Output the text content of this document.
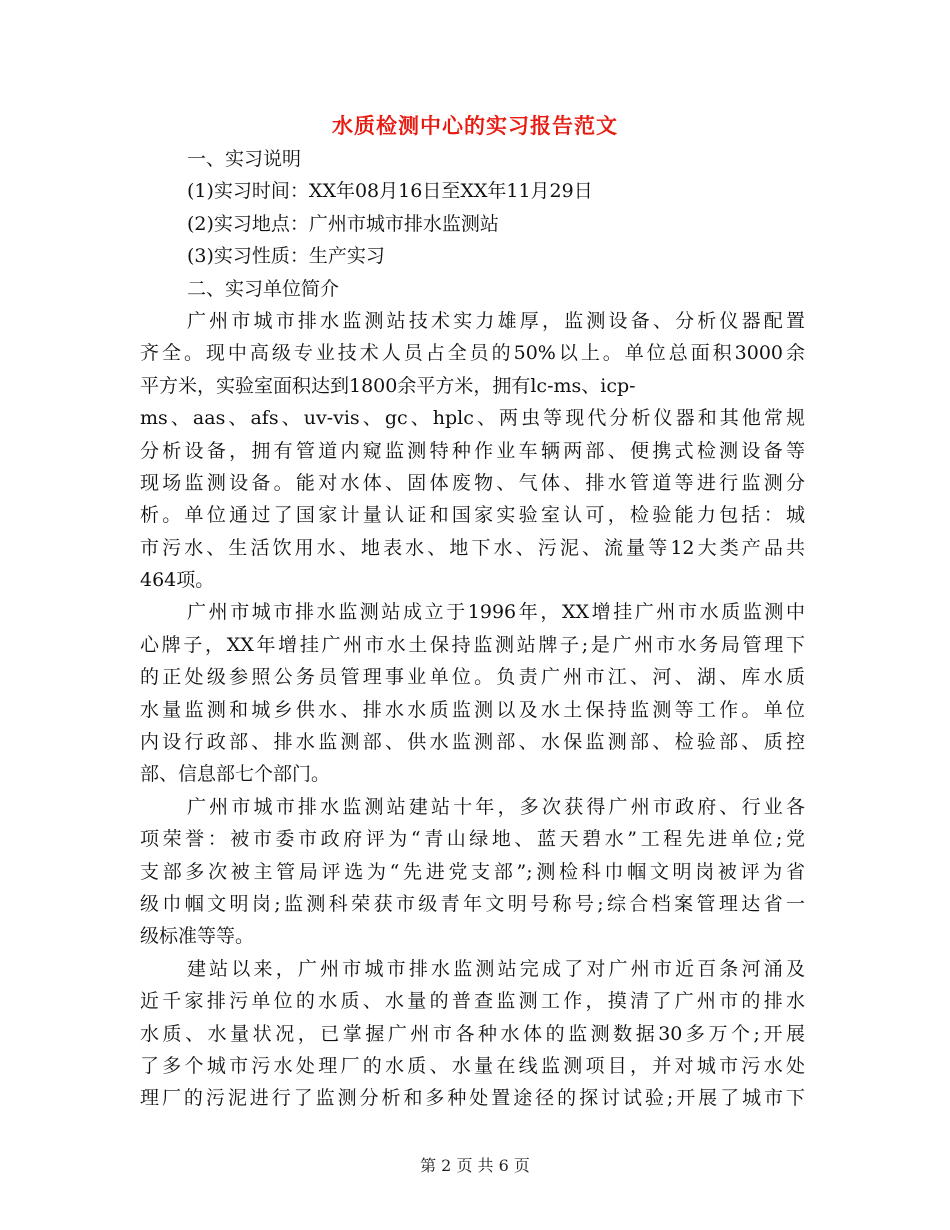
水质检测中心的实习报告范文
一、实习说明
(1)实习时间：XX年08月16日至XX年11月29日
(2)实习地点：广州市城市排水监测站
(3)实习性质：生产实习
二、实习单位简介
广州市城市排水监测站技术实力雄厚，监测设备、分析仪器配置
齐全。现中高级专业技术人员占全员的50%以上。单位总面积3000余
平方米，实验室面积达到1800余平方米，拥有lc-ms、icp-
ms、aas、afs、uv-vis、gc、hplc、两虫等现代分析仪器和其他常规
分析设备，拥有管道内窥监测特种作业车辆两部、便携式检测设备等
现场监测设备。能对水体、固体废物、气体、排水管道等进行监测分
析。单位通过了国家计量认证和国家实验室认可，检验能力包括：城
市污水、生活饮用水、地表水、地下水、污泥、流量等12大类产品共
464项。
广州市城市排水监测站成立于1996年，XX增挂广州市水质监测中
心牌子，XX年增挂广州市水土保持监测站牌子;是广州市水务局管理下
的正处级参照公务员管理事业单位。负责广州市江、河、湖、库水质
水量监测和城乡供水、排水水质监测以及水土保持监测等工作。单位
内设行政部、排水监测部、供水监测部、水保监测部、检验部、质控
部、信息部七个部门。
广州市城市排水监测站建站十年，多次获得广州市政府、行业各
项荣誉：被市委市政府评为“青山绿地、蓝天碧水”工程先进单位;党
支部多次被主管局评选为“先进党支部”;测检科巾帼文明岗被评为省
级巾帼文明岗;监测科荣获市级青年文明号称号;综合档案管理达省一
级标准等等。
建站以来，广州市城市排水监测站完成了对广州市近百条河涌及
近千家排污单位的水质、水量的普查监测工作，摸清了广州市的排水
水质、水量状况，已掌握广州市各种水体的监测数据30多万个;开展
了多个城市污水处理厂的水质、水量在线监测项目，并对城市污水处
理厂的污泥进行了监测分析和多种处置途径的探讨试验;开展了城市下
第 2 页 共 6 页
